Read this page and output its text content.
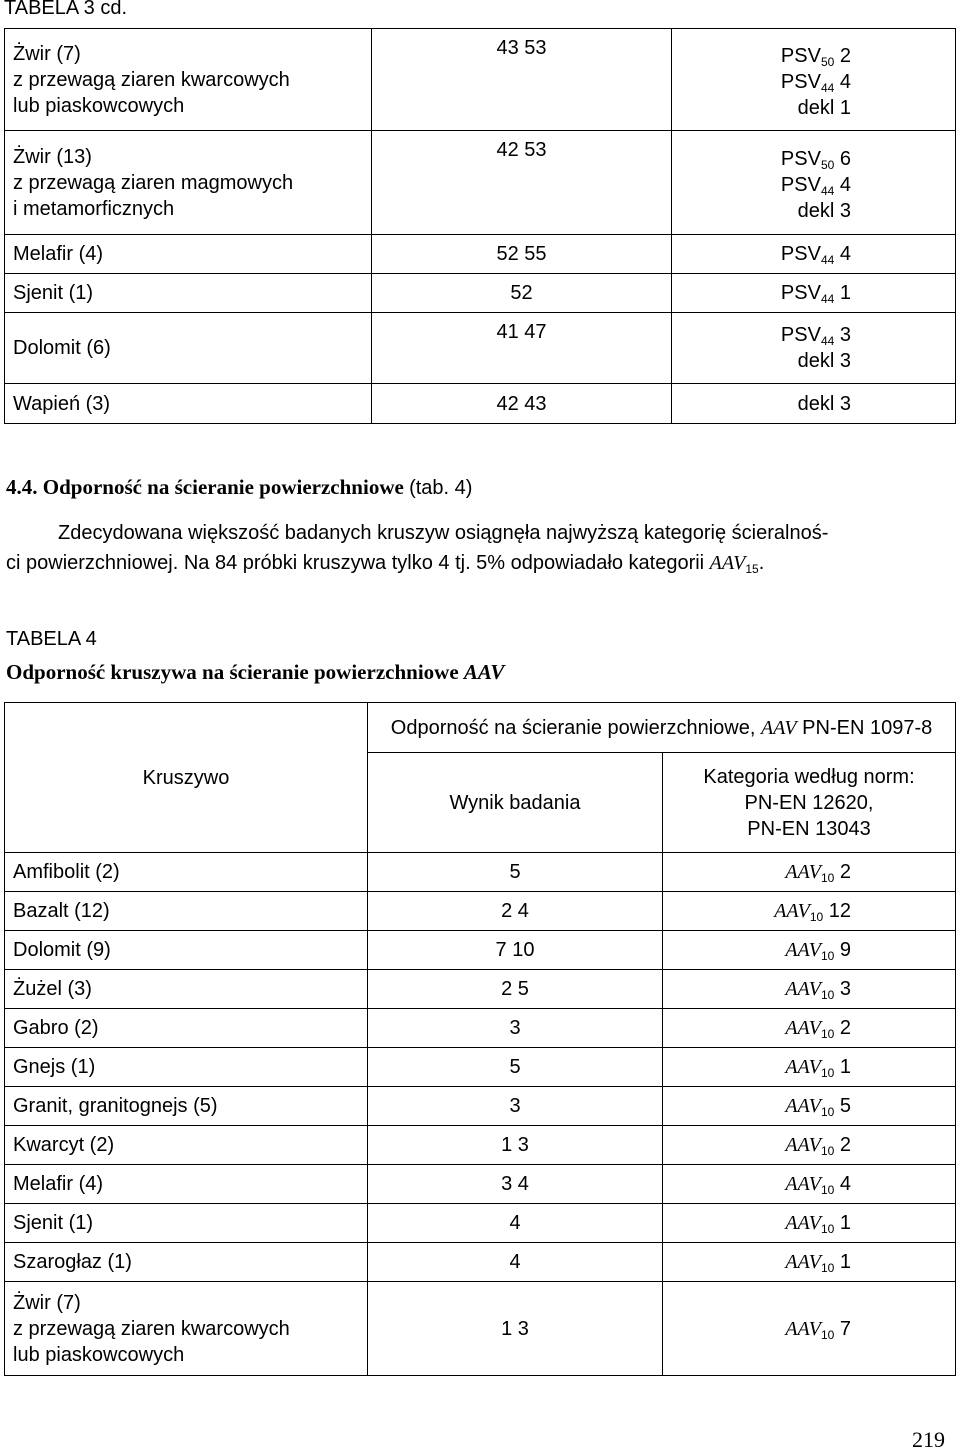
TABELA 3 cd.
Żwir (7)
z przewagą ziaren kwarcowych
lub piaskowcowych	43 53	$PSV_{50}$ 2
$PSV_{44}$ 4
dekl 1

Żwir (13)
z przewagą ziaren magmowych
i metamorficznych	42 53	$PSV_{50}$ 6
$PSV_{44}$ 4
dekl 3

Melafir (4)	52 55	$PSV_{44}$ 4
Sjenit (1)	52	$PSV_{44}$ 1
Dolomit (6)	41 47	$PSV_{44}$ 3
dekl 3

Wapień (3)	42 43	dekl 3
4.4. Odporność na ścieranie powierzchniowe (tab. 4)
Zdecydowana większość badanych kruszyw osiągnęła najwyższą kategorię ścieralnoś-
ci powierzchniowej. Na 84 próbki kruszywa tylko 4 tj. 5% odpowiadało kategorii $AAV_{15}$.
TABELA 4
Odporność kruszywa na ścieranie powierzchniowe AAV
Kruszywo	Odporność na ścieranie powierzchniowe, AAV PN-EN 1097-8	
	Wynik badania	Kategoria według norm:
PN-EN 12620,
PN-EN 13043

Amfibolit (2)	5	$AAV_{10}$ 2
Bazalt (12)	2 4	$AAV_{10}$ 12
Dolomit (9)	7 10	$AAV_{10}$ 9
Żużel (3)	2 5	$AAV_{10}$ 3
Gabro (2)	3	$AAV_{10}$ 2
Gnejs (1)	5	$AAV_{10}$ 1
Granit, granitognejs (5)	3	$AAV_{10}$ 5
Kwarcyt (2)	1 3	$AAV_{10}$ 2
Melafir (4)	3 4	$AAV_{10}$ 4
Sjenit (1)	4	$AAV_{10}$ 1
Szarogłaz (1)	4	$AAV_{10}$ 1

Żwir (7)
z przewagą ziaren kwarcowych
lub piaskowcowych	1 3	$AAV_{10}$ 7
219
